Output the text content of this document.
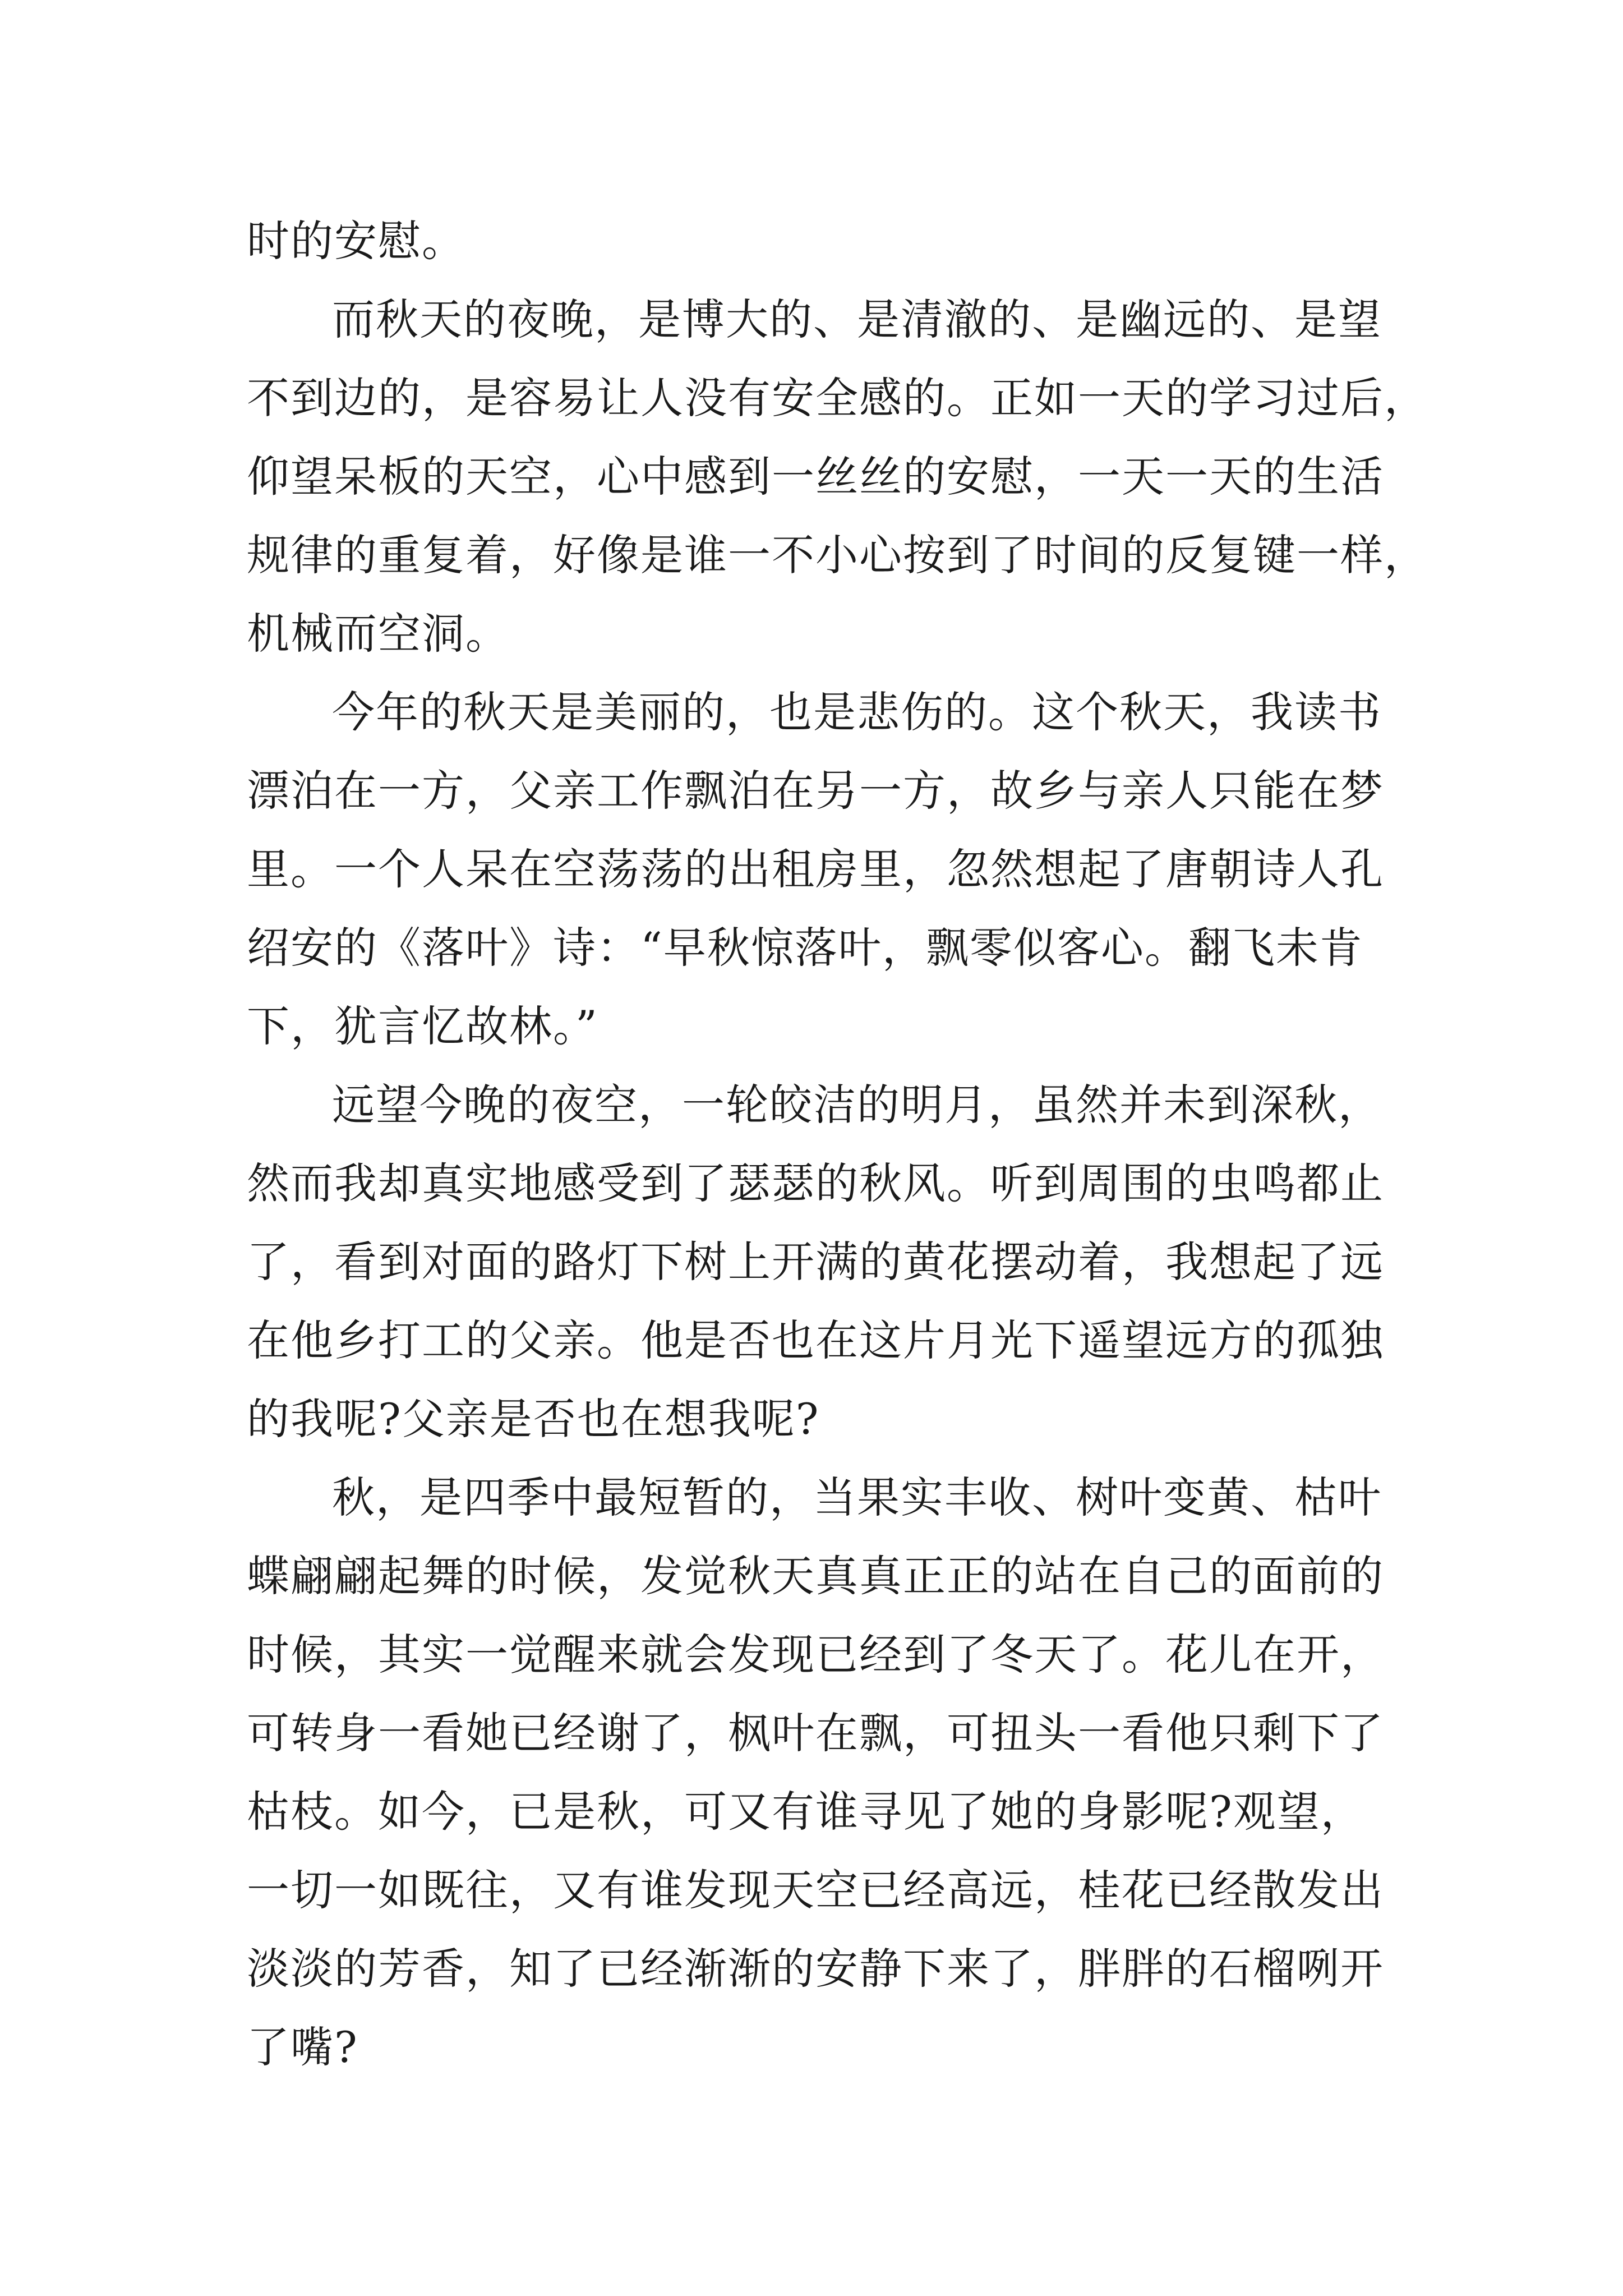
时的安慰。
而秋天的夜晚，是博大的、是清澈的、是幽远的、是望
不到边的，是容易让人没有安全感的。正如一天的学习过后，
仰望呆板的天空，心中感到一丝丝的安慰，一天一天的生活
规律的重复着，好像是谁一不小心按到了时间的反复键一样，
机械而空洞。
今年的秋天是美丽的，也是悲伤的。这个秋天，我读书
漂泊在一方，父亲工作飘泊在另一方，故乡与亲人只能在梦
里。一个人呆在空荡荡的出租房里，忽然想起了唐朝诗人孔
绍安的《落叶》诗：“早秋惊落叶，飘零似客心。翻飞未肯
下，犹言忆故林。”
远望今晚的夜空，一轮皎洁的明月，虽然并未到深秋，
然而我却真实地感受到了瑟瑟的秋风。听到周围的虫鸣都止
了，看到对面的路灯下树上开满的黄花摆动着，我想起了远
在他乡打工的父亲。他是否也在这片月光下遥望远方的孤独
的我呢?父亲是否也在想我呢?
秋，是四季中最短暂的，当果实丰收、树叶变黄、枯叶
蝶翩翩起舞的时候，发觉秋天真真正正的站在自己的面前的
时候，其实一觉醒来就会发现已经到了冬天了。花儿在开，
可转身一看她已经谢了，枫叶在飘，可扭头一看他只剩下了
枯枝。如今，已是秋，可又有谁寻见了她的身影呢?观望，
一切一如既往，又有谁发现天空已经高远，桂花已经散发出
淡淡的芳香，知了已经渐渐的安静下来了，胖胖的石榴咧开
了嘴?
